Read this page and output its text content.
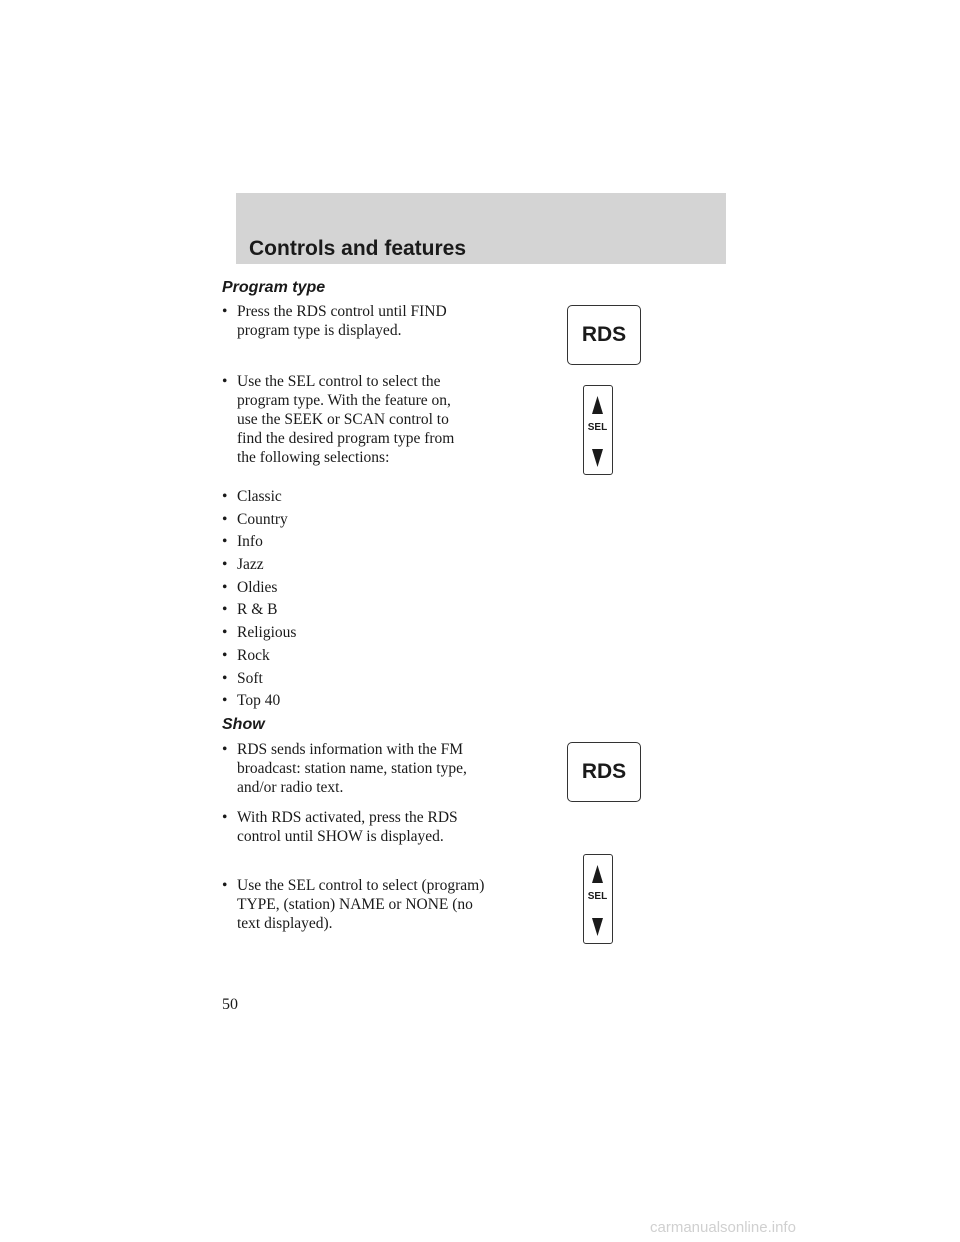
Controls and features
Program type
• Press the RDS control until FIND program type is displayed.
• Use the SEL control to select the program type. With the feature on, use the SEEK or SCAN control to find the desired program type from the following selections:
• Classic
• Country
• Info
• Jazz
• Oldies
• R & B
• Religious
• Rock
• Soft
• Top 40
Show
• RDS sends information with the FM broadcast: station name, station type, and/or radio text.
• With RDS activated, press the RDS control until SHOW is displayed.
• Use the SEL control to select (program) TYPE, (station) NAME or NONE (no text displayed).
RDS
SEL
RDS
SEL
50
carmanualsonline.info
